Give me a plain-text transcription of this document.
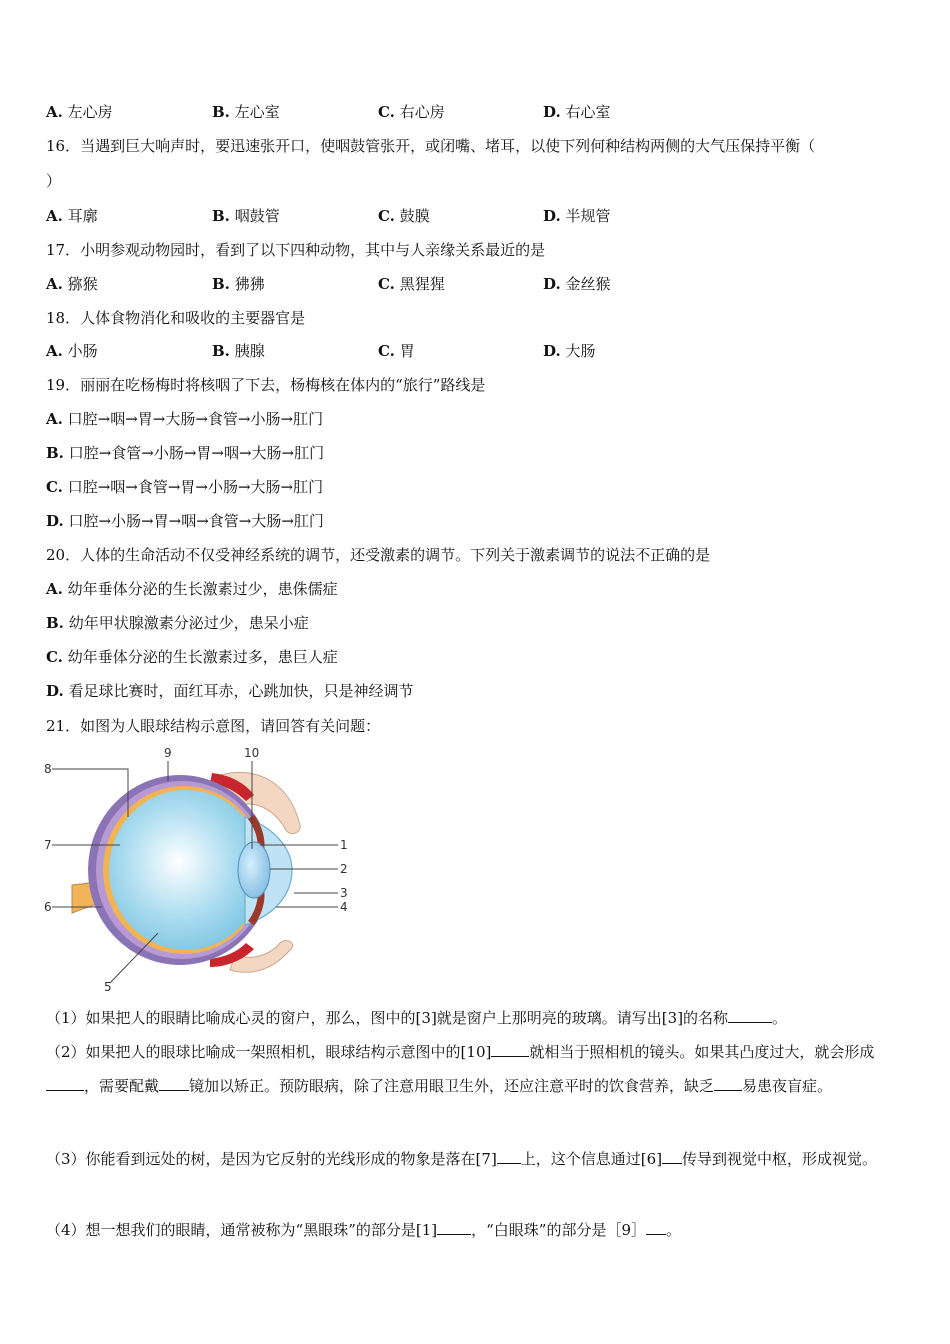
A. 左心房	B. 左心室	C. 右心房	D. 右心室
16．当遇到巨大响声时，要迅速张开口，使咽鼓管张开，或闭嘴、堵耳，以使下列何种结构两侧的大气压保持平衡（
）
A. 耳廓	B. 咽鼓管	C. 鼓膜	D. 半规管
17．小明参观动物园时，看到了以下四种动物，其中与人亲缘关系最近的是
A. 猕猴	B. 狒狒	C. 黑猩猩	D. 金丝猴
18．人体食物消化和吸收的主要器官是
A. 小肠	B. 胰腺	C. 胃	D. 大肠
19．丽丽在吃杨梅时将核咽了下去，杨梅核在体内的“旅行”路线是
A. 口腔→咽→胃→大肠→食管→小肠→肛门
B. 口腔→食管→小肠→胃→咽→大肠→肛门
C. 口腔→咽→食管→胃→小肠→大肠→肛门
D. 口腔→小肠→胃→咽→食管→大肠→肛门
20．人体的生命活动不仅受神经系统的调节，还受激素的调节。下列关于激素调节的说法不正确的是
A. 幼年垂体分泌的生长激素过少，患侏儒症
B. 幼年甲状腺激素分泌过少，患呆小症
C. 幼年垂体分泌的生长激素过多，患巨人症
D. 看足球比赛时，面红耳赤，心跳加快，只是神经调节
21．如图为人眼球结构示意图，请回答有关问题：
8
9	10
7
6
1
2
3
4
5
（1）如果把人的眼睛比喻成心灵的窗户，那么，图中的[3]就是窗户上那明亮的玻璃。请写出[3]的名称	。
（2）如果把人的眼球比喻成一架照相机，眼球结构示意图中的[10]	就相当于照相机的镜头。如果其凸度过大，就会形成，需要配戴 镜加以矫正。预防眼病，除了注意用眼卫生外，还应注意平时的饮食营养，缺乏 易患夜盲症。
（3）你能看到远处的树，是因为它反射的光线形成的物象是落在[7] 上，这个信息通过[6] 传导到视觉中枢，形成视觉。
（4）想一想我们的眼睛，通常被称为“黑眼珠”的部分是[1] ，“白眼珠”的部分是［9］ 。
